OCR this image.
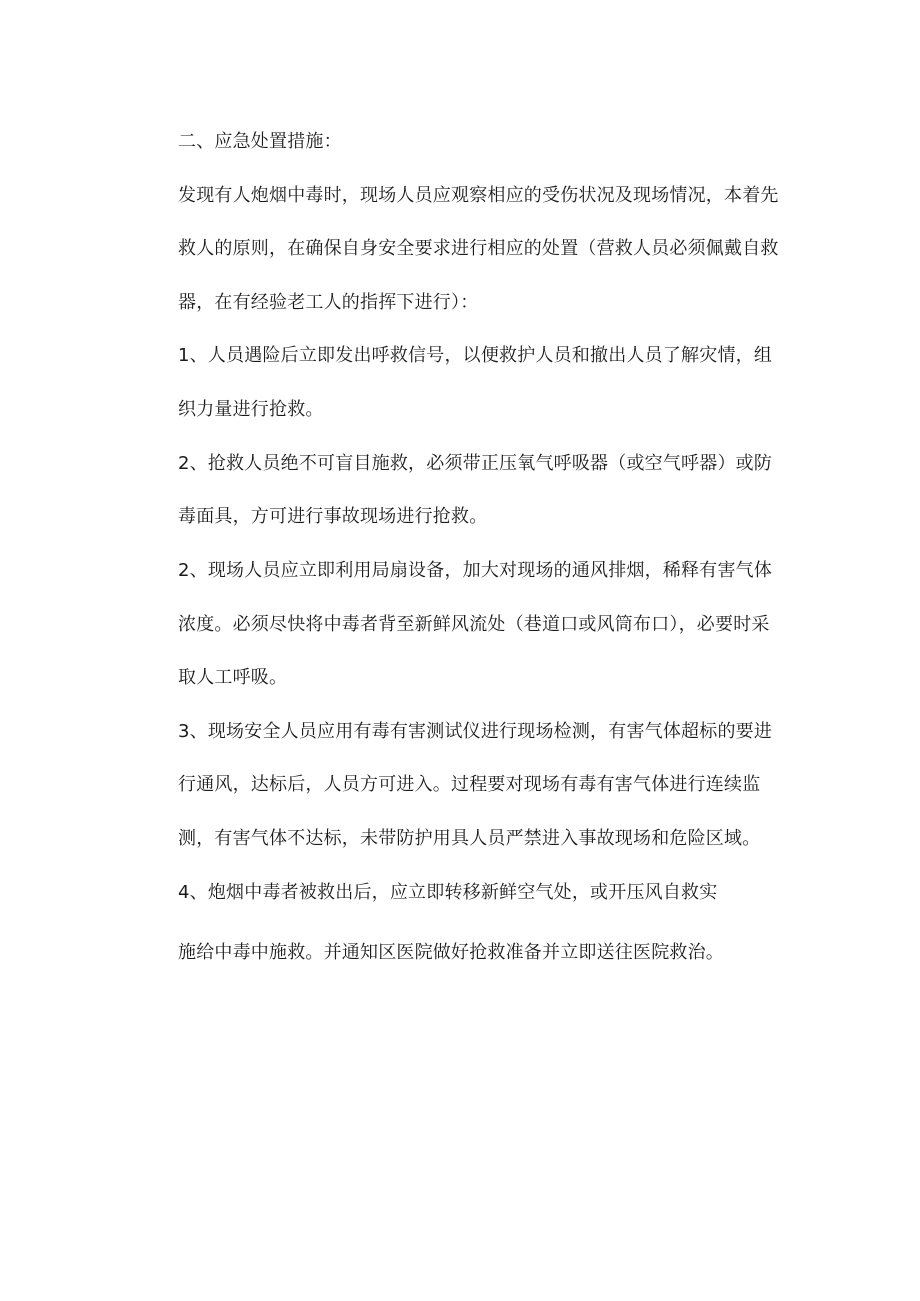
二、应急处置措施：
发现有人炮烟中毒时，现场人员应观察相应的受伤状况及现场情况，本着先
救人的原则，在确保自身安全要求进行相应的处置（营救人员必须佩戴自救
器，在有经验老工人的指挥下进行）：
1、人员遇险后立即发出呼救信号，以便救护人员和撤出人员了解灾情，组
织力量进行抢救。
2、抢救人员绝不可盲目施救，必须带正压氧气呼吸器（或空气呼器）或防
毒面具，方可进行事故现场进行抢救。
2、现场人员应立即利用局扇设备，加大对现场的通风排烟，稀释有害气体
浓度。必须尽快将中毒者背至新鲜风流处（巷道口或风筒布口），必要时采
取人工呼吸。
3、现场安全人员应用有毒有害测试仪进行现场检测，有害气体超标的要进
行通风，达标后，人员方可进入。过程要对现场有毒有害气体进行连续监
测，有害气体不达标，未带防护用具人员严禁进入事故现场和危险区域。
4、炮烟中毒者被救出后，应立即转移新鲜空气处，或开压风自救实
施给中毒中施救。并通知区医院做好抢救准备并立即送往医院救治。
